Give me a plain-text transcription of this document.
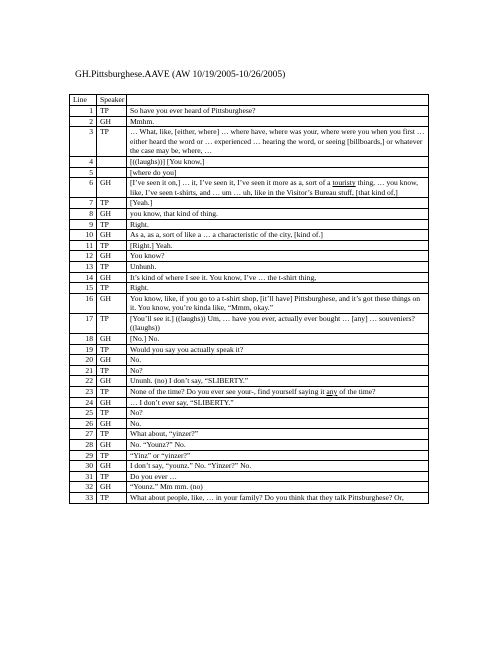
GH.Pittsburghese.AAVE (AW 10/19/2005-10/26/2005)
Line	Speaker	
1	TP	So have you ever heard of Pittsburghese?
2	GH	Mmhm.
3	TP	… What, like, [either, where] … where have, where was your, where were you when you first … either heard the word or … experienced … hearing the word, or seeing [billboards,] or whatever the case may be, where, …
4		[((laughs))] [You know,]
5		[where do you]
6	GH	[I’ve seen it on,] … it, I’ve seen it, I’ve seen it more as a, sort of a touristy thing, … you know, like, I’ve seen t-shirts, and … um … uh, like in the Visitor’s Bureau stuff, [that kind of,]
7	TP	[Yeah.]
8	GH	you know, that kind of thing.
9	TP	Right.
10	GH	As a, as a, sort of like a … a characteristic of the city, [kind of.]
11	TP	[Right.] Yeah.
12	GH	You know?
13	TP	Unhunh.
14	GH	It’s kind of where I see it. You know, I’ve … the t-shirt thing,
15	TP	Right.
16	GH	You know, like, if you go to a t-shirt shop, [it’ll have] Pittsburghese, and it’s got these things on it. You know, you’re kinda like, “Mmm, okay.”
17	TP	[You’ll see it.] ((laughs)) Um, … have you ever, actually ever bought … [any] … souveniers? ((laughs))
18	GH	[No.] No.
19	TP	Would you say you actually speak it?
20	GH	No.
21	TP	No?
22	GH	Ununh. (no) I don’t say, “SLIBERTY.”
23	TP	None of the time? Do you ever see your-, find yourself saying it any of the time?
24	GH	… I don’t ever say, “SLIBERTY.”
25	TP	No?
26	GH	No.
27	TP	What about, “yinzer?”
28	GH	No. “Younz?” No.
29	TP	“Yinz” or “yinzer?”
30	GH	I don’t say, “younz.” No. “Yinzer?” No.
31	TP	Do you ever …
32	GH	“Younz.” Mm mm. (no)
33	TP	What about people, like, … in your family? Do you think that they talk Pittsburghese? Or,
